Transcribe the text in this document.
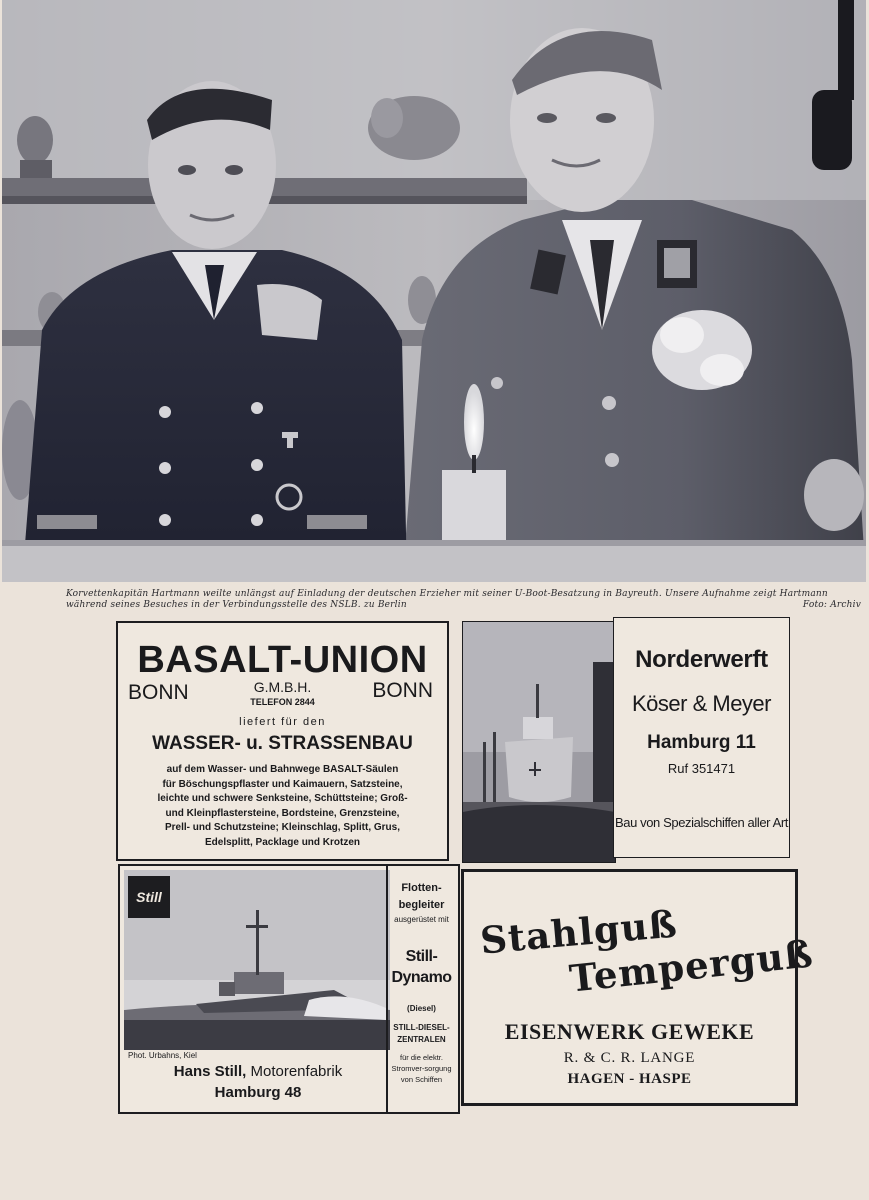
Korvettenkapitän Hartmann weilte unlängst auf Einladung der deutschen Erzieher mit seiner U-Boot-Besatzung in Bayreuth. Unsere Aufnahme zeigt Hartmann
während seines Besuches in der Verbindungsstelle des NSLB. zu Berlin	Foto: Archiv
BASALT-UNION
BONN	G.M.B.H.	BONN
TELEFON 2844
liefert für den
WASSER- u. STRASSENBAU
auf dem Wasser- und Bahnwege BASALT-Säulen
für Böschungspflaster und Kaimauern, Satzsteine,
leichte und schwere Senksteine, Schüttsteine; Groß-
und Kleinpflastersteine, Bordsteine, Grenzsteine,
Prell- und Schutzsteine; Kleinschlag, Splitt, Grus,
Edelsplitt, Packlage und Krotzen
Norderwerft
Köser & Meyer
Hamburg 11
Ruf 351471
Bau von Spezialschiffen aller Art
Still
Phot. Urbahns, Kiel
Hans Still, Motorenfabrik
Hamburg 48
Flotten-begleiter
ausgerüstet mit
Still-Dynamo
(Diesel)
STILL-DIESEL-ZENTRALEN
für die elektr. Stromver-sorgung von Schiffen
Stahlguß
Temperguß
EISENWERK GEWEKE
R. & C. R. LANGE
HAGEN - HASPE
